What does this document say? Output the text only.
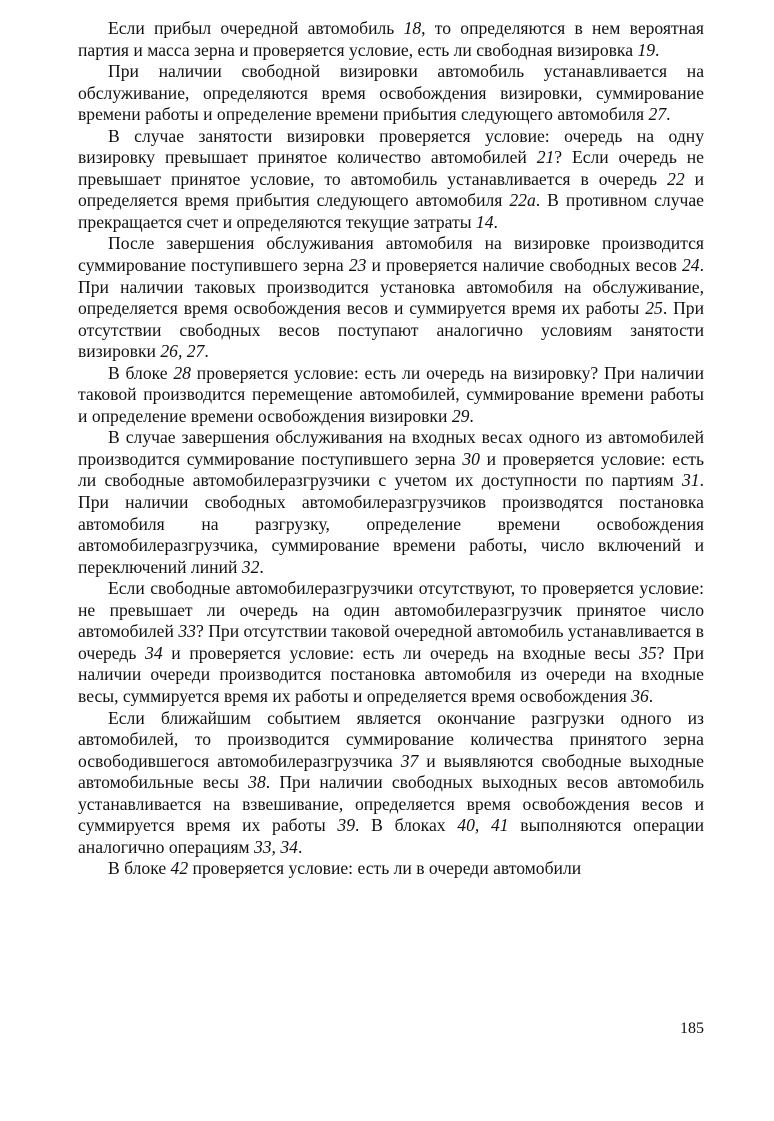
Если прибыл очередной автомобиль 18, то определяются в нем вероятная партия и масса зерна и проверяется условие, есть ли свободная визировка 19.

При наличии свободной визировки автомобиль устанавливается на обслуживание, определяются время освобождения визировки, суммирование времени работы и определение времени прибытия следующего автомобиля 27.

В случае занятости визировки проверяется условие: очередь на одну визировку превышает принятое количество автомобилей 21? Если очередь не превышает принятое условие, то автомобиль устанавливается в очередь 22 и определяется время прибытия следующего автомобиля 22а. В противном случае прекращается счет и определяются текущие затраты 14.

После завершения обслуживания автомобиля на визировке производится суммирование поступившего зерна 23 и проверяется наличие свободных весов 24. При наличии таковых производится установка автомобиля на обслуживание, определяется время освобождения весов и суммируется время их работы 25. При отсутствии свободных весов поступают аналогично условиям занятости визировки 26, 27.

В блоке 28 проверяется условие: есть ли очередь на визировку? При наличии таковой производится перемещение автомобилей, суммирование времени работы и определение времени освобождения визировки 29.

В случае завершения обслуживания на входных весах одного из автомобилей производится суммирование поступившего зерна 30 и проверяется условие: есть ли свободные автомобилеразгрузчики с учетом их доступности по партиям 31. При наличии свободных автомобилеразгрузчиков производятся постановка автомобиля на разгрузку, определение времени освобождения автомобилеразгрузчика, суммирование времени работы, число включений и переключений линий 32.

Если свободные автомобилеразгрузчики отсутствуют, то проверяется условие: не превышает ли очередь на один автомобилеразгрузчик принятое число автомобилей 33? При отсутствии таковой очередной автомобиль устанавливается в очередь 34 и проверяется условие: есть ли очередь на входные весы 35? При наличии очереди производится постановка автомобиля из очереди на входные весы, суммируется время их работы и определяется время освобождения 36.

Если ближайшим событием является окончание разгрузки одного из автомобилей, то производится суммирование количества принятого зерна освободившегося автомобилеразгрузчика 37 и выявляются свободные выходные автомобильные весы 38. При наличии свободных выходных весов автомобиль устанавливается на взвешивание, определяется время освобождения весов и суммируется время их работы 39. В блоках 40, 41 выполняются операции аналогично операциям 33, 34.

В блоке 42 проверяется условие: есть ли в очереди автомобили

185
